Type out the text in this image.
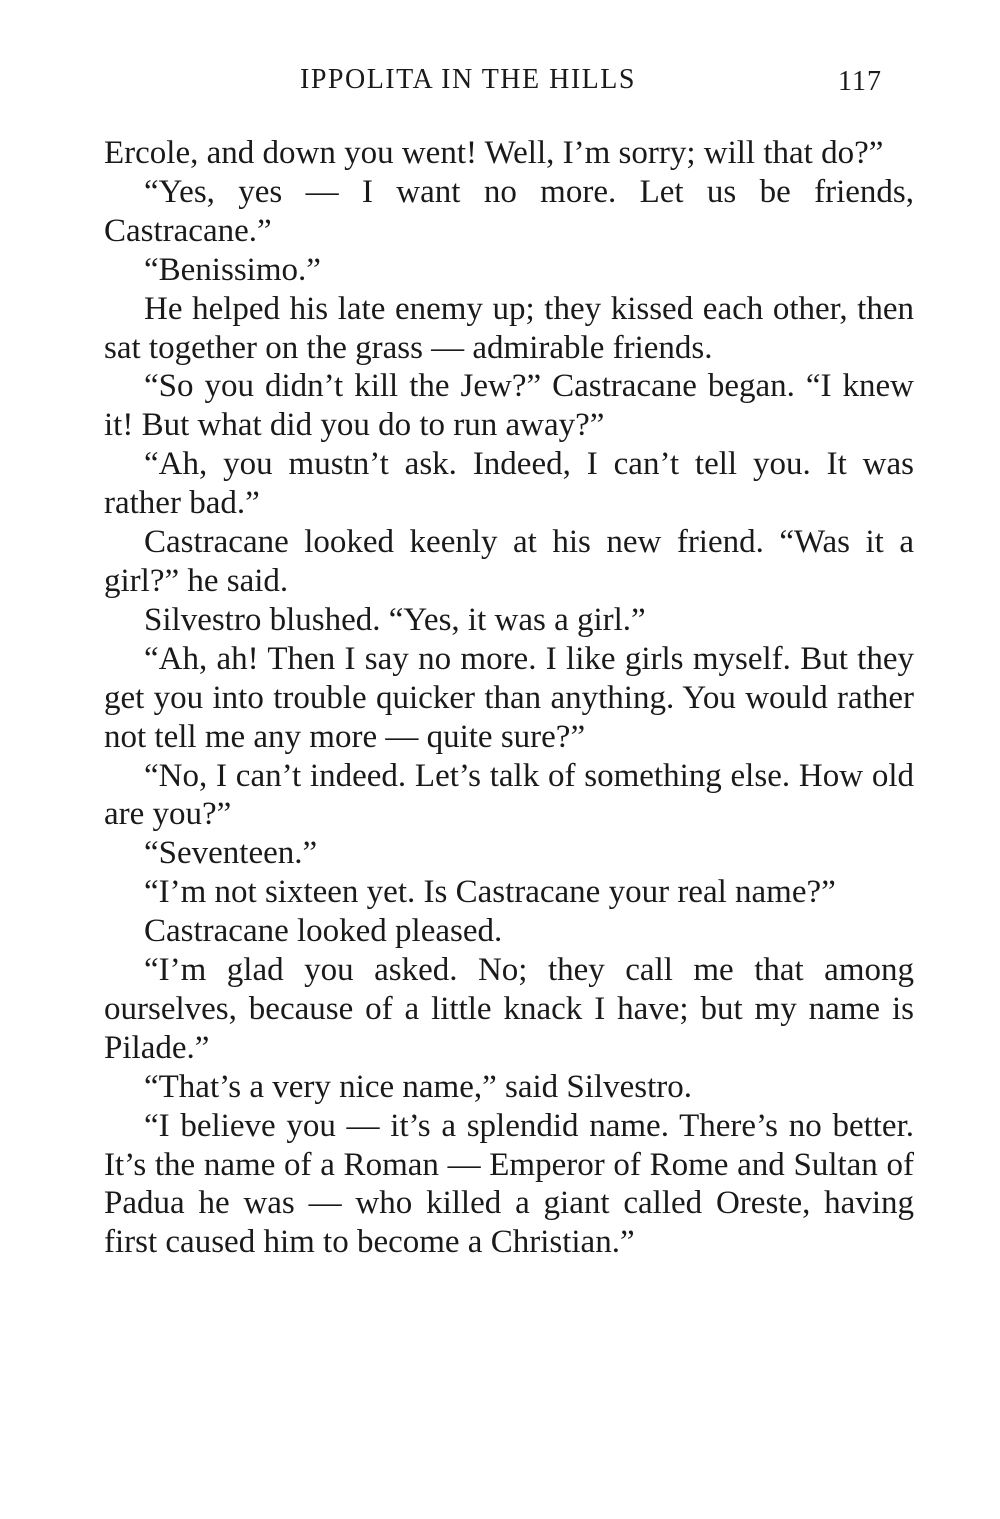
IPPOLITA IN THE HILLS	117

Ercole, and down you went! Well, I’m sorry; will that do?”

“Yes, yes — I want no more. Let us be friends, Castracane.”

“Benissimo.”

He helped his late enemy up; they kissed each other, then sat together on the grass — admirable friends.

“So you didn’t kill the Jew?” Castracane began. “I knew it! But what did you do to run away?”

“Ah, you mustn’t ask. Indeed, I can’t tell you. It was rather bad.”

Castracane looked keenly at his new friend. “Was it a girl?” he said.

Silvestro blushed. “Yes, it was a girl.”

“Ah, ah! Then I say no more. I like girls myself. But they get you into trouble quicker than anything. You would rather not tell me any more — quite sure?”

“No, I can’t indeed. Let’s talk of something else. How old are you?”

“Seventeen.”

“I’m not sixteen yet. Is Castracane your real name?”

Castracane looked pleased.

“I’m glad you asked. No; they call me that among ourselves, because of a little knack I have; but my name is Pilade.”

“That’s a very nice name,” said Silvestro.

“I believe you — it’s a splendid name. There’s no better. It’s the name of a Roman — Emperor of Rome and Sultan of Padua he was — who killed a giant called Oreste, having first caused him to become a Christian.”
